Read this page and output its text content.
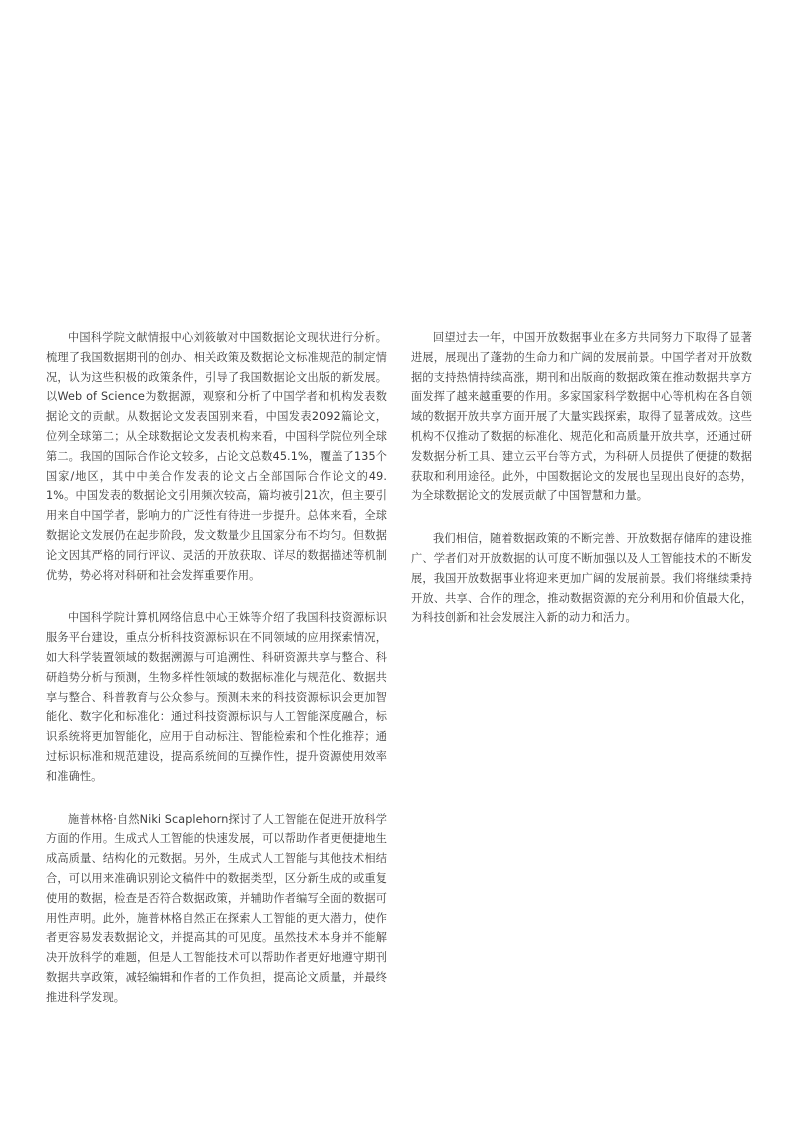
中国科学院文献情报中心刘筱敏对中国数据论文现状进行分析。梳理了我国数据期刊的创办、相关政策及数据论文标准规范的制定情况，认为这些积极的政策条件，引导了我国数据论文出版的新发展。以Web of Science为数据源，观察和分析了中国学者和机构发表数据论文的贡献。从数据论文发表国别来看，中国发表2092篇论文，位列全球第二；从全球数据论文发表机构来看，中国科学院位列全球第二。我国的国际合作论文较多，占论文总数45.1%，覆盖了135个国家/地区，其中中美合作发表的论文占全部国际合作论文的49.1%。中国发表的数据论文引用频次较高，篇均被引21次，但主要引用来自中国学者，影响力的广泛性有待进一步提升。总体来看，全球数据论文发展仍在起步阶段，发文数量少且国家分布不均匀。但数据论文因其严格的同行评议、灵活的开放获取、详尽的数据描述等机制优势，势必将对科研和社会发挥重要作用。

中国科学院计算机网络信息中心王姝等介绍了我国科技资源标识服务平台建设，重点分析科技资源标识在不同领域的应用探索情况，如大科学装置领域的数据溯源与可追溯性、科研资源共享与整合、科研趋势分析与预测，生物多样性领域的数据标准化与规范化、数据共享与整合、科普教育与公众参与。预测未来的科技资源标识会更加智能化、数字化和标准化：通过科技资源标识与人工智能深度融合，标识系统将更加智能化，应用于自动标注、智能检索和个性化推荐；通过标识标准和规范建设，提高系统间的互操作性，提升资源使用效率和准确性。

施普林格·自然Niki Scaplehorn探讨了人工智能在促进开放科学方面的作用。生成式人工智能的快速发展，可以帮助作者更便捷地生成高质量、结构化的元数据。另外，生成式人工智能与其他技术相结合，可以用来准确识别论文稿件中的数据类型，区分新生成的或重复使用的数据，检查是否符合数据政策，并辅助作者编写全面的数据可用性声明。此外，施普林格自然正在探索人工智能的更大潜力，使作者更容易发表数据论文，并提高其的可见度。虽然技术本身并不能解决开放科学的难题，但是人工智能技术可以帮助作者更好地遵守期刊数据共享政策，减轻编辑和作者的工作负担，提高论文质量，并最终推进科学发现。

回望过去一年，中国开放数据事业在多方共同努力下取得了显著进展，展现出了蓬勃的生命力和广阔的发展前景。中国学者对开放数据的支持热情持续高涨，期刊和出版商的数据政策在推动数据共享方面发挥了越来越重要的作用。多家国家科学数据中心等机构在各自领域的数据开放共享方面开展了大量实践探索，取得了显著成效。这些机构不仅推动了数据的标准化、规范化和高质量开放共享，还通过研发数据分析工具、建立云平台等方式，为科研人员提供了便捷的数据获取和利用途径。此外，中国数据论文的发展也呈现出良好的态势，为全球数据论文的发展贡献了中国智慧和力量。

我们相信，随着数据政策的不断完善、开放数据存储库的建设推广、学者们对开放数据的认可度不断加强以及人工智能技术的不断发展，我国开放数据事业将迎来更加广阔的发展前景。我们将继续秉持开放、共享、合作的理念，推动数据资源的充分利用和价值最大化，为科技创新和社会发展注入新的动力和活力。
